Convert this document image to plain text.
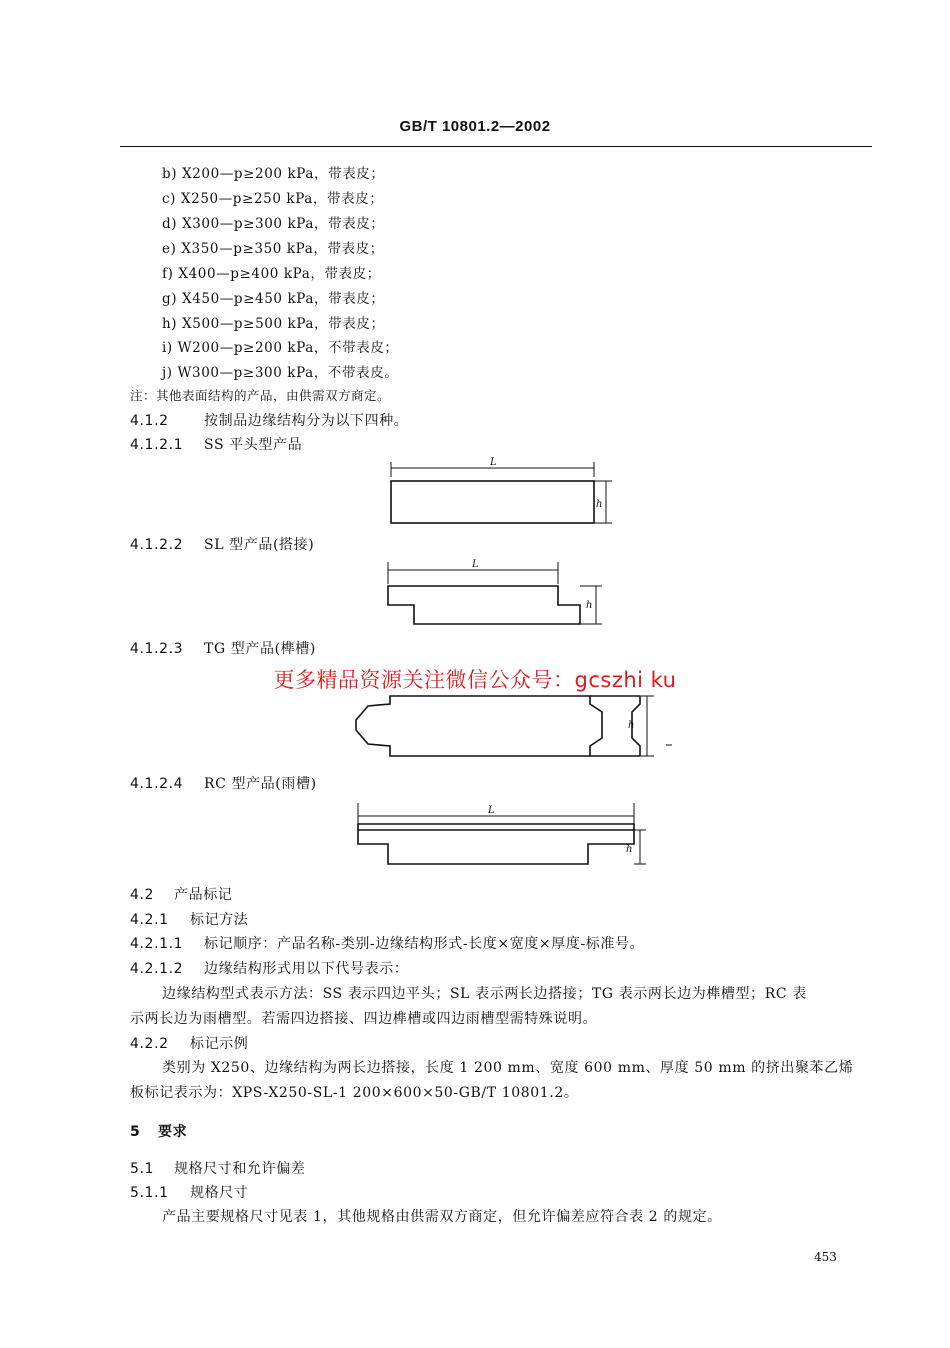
GB/T 10801.2—2002
b) X200—p≥200 kPa，带表皮；
c) X250—p≥250 kPa，带表皮；
d) X300—p≥300 kPa，带表皮；
e) X350—p≥350 kPa，带表皮；
f) X400—p≥400 kPa，带表皮；
g) X450—p≥450 kPa，带表皮；
h) X500—p≥500 kPa，带表皮；
i) W200—p≥200 kPa，不带表皮；
j) W300—p≥300 kPa，不带表皮。
注：其他表面结构的产品，由供需双方商定。
4.1.2	按制品边缘结构分为以下四种。
4.1.2.1 SS 平头型产品
L
h
4.1.2.2 SL 型产品(搭接)
L
h
4.1.2.3 TG 型产品(榫槽)
h
4.1.2.4 RC 型产品(雨槽)
L
h
更多精品资源关注微信公众号：gcszhi ku
4.2 产品标记
4.2.1 标记方法
4.2.1.1 标记顺序：产品名称-类别-边缘结构形式-长度×宽度×厚度-标准号。
4.2.1.2 边缘结构形式用以下代号表示：
边缘结构型式表示方法：SS 表示四边平头；SL 表示两长边搭接；TG 表示两长边为榫槽型；RC 表
示两长边为雨槽型。若需四边搭接、四边榫槽或四边雨槽型需特殊说明。
4.2.2 标记示例
类别为 X250、边缘结构为两长边搭接，长度 1 200 mm、宽度 600 mm、厚度 50 mm 的挤出聚苯乙烯
板标记表示为：XPS-X250-SL-1 200×600×50-GB/T 10801.2。
5 要求
5.1 规格尺寸和允许偏差
5.1.1 规格尺寸
产品主要规格尺寸见表 1，其他规格由供需双方商定，但允许偏差应符合表 2 的规定。
453
